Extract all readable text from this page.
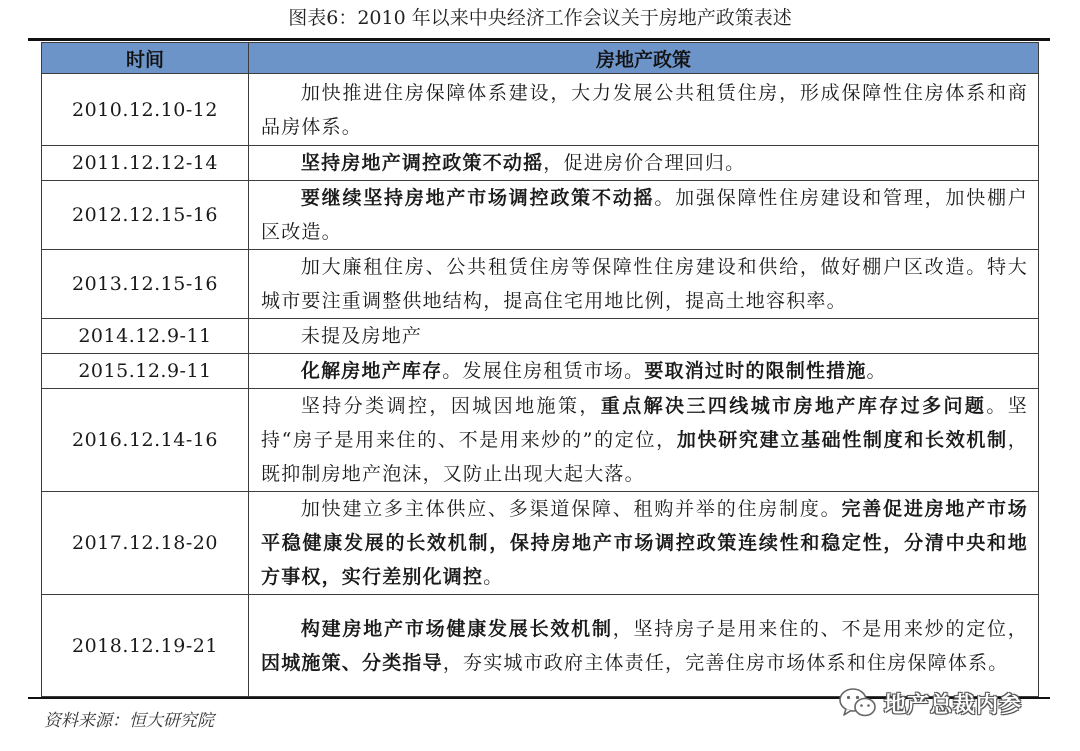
图表6：2010 年以来中央经济工作会议关于房地产政策表述
时间	房地产政策
2010.12.10-12	加快推进住房保障体系建设，大力发展公共租赁住房，形成保障性住房体系和商品房体系。
2011.12.12-14	坚持房地产调控政策不动摇，促进房价合理回归。
2012.12.15-16	要继续坚持房地产市场调控政策不动摇。加强保障性住房建设和管理，加快棚户区改造。
2013.12.15-16	加大廉租住房、公共租赁住房等保障性住房建设和供给，做好棚户区改造。特大城市要注重调整供地结构，提高住宅用地比例，提高土地容积率。
2014.12.9-11	未提及房地产
2015.12.9-11	化解房地产库存。发展住房租赁市场。要取消过时的限制性措施。
2016.12.14-16	坚持分类调控，因城因地施策，重点解决三四线城市房地产库存过多问题。坚持“房子是用来住的、不是用来炒的”的定位，加快研究建立基础性制度和长效机制，既抑制房地产泡沫，又防止出现大起大落。
2017.12.18-20	加快建立多主体供应、多渠道保障、租购并举的住房制度。完善促进房地产市场平稳健康发展的长效机制，保持房地产市场调控政策连续性和稳定性，分清中央和地方事权，实行差别化调控。
2018.12.19-21	构建房地产市场健康发展长效机制，坚持房子是用来住的、不是用来炒的定位，因城施策、分类指导，夯实城市政府主体责任，完善住房市场体系和住房保障体系。
资料来源：恒大研究院
地产总裁内参
